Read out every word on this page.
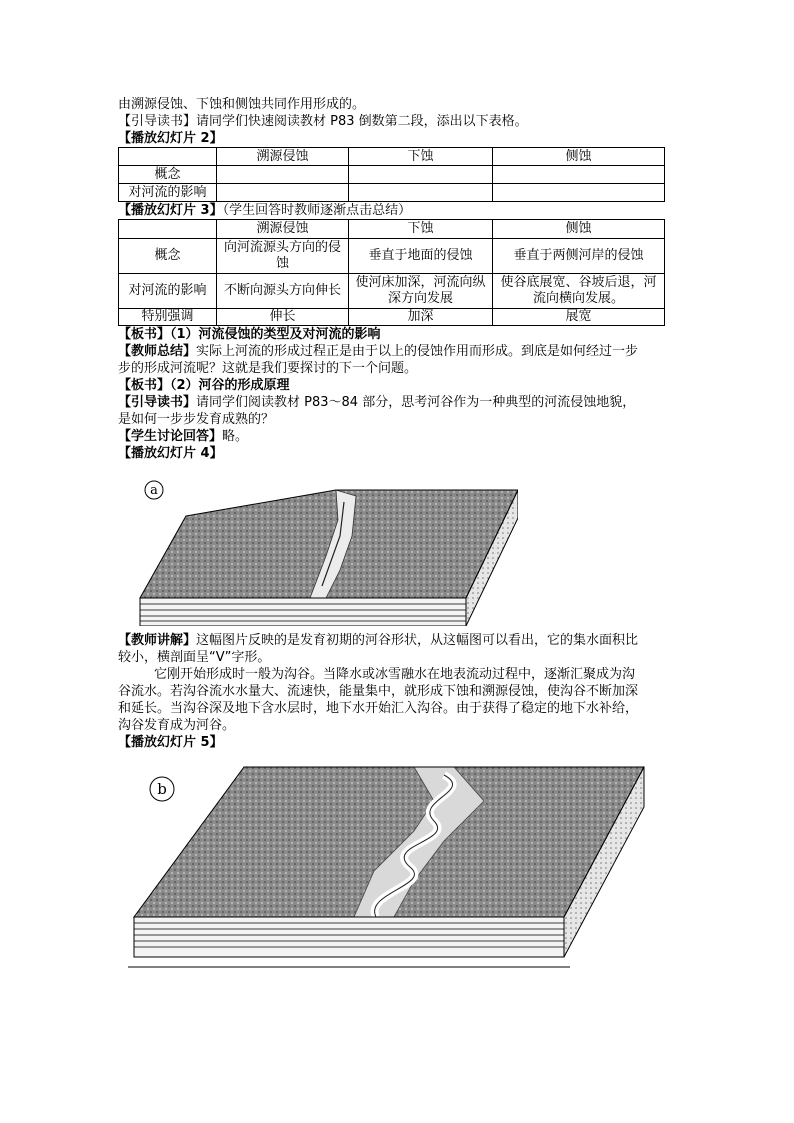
由溯源侵蚀、下蚀和侧蚀共同作用形成的。

【引导读书】请同学们快速阅读教材 P83 倒数第二段，添出以下表格。

【播放幻灯片 2】

	溯源侵蚀	下蚀	侧蚀
概念			
对河流的影响			

【播放幻灯片 3】（学生回答时教师逐渐点击总结）

	溯源侵蚀	下蚀	侧蚀
概念	向河流源头方向的侵蚀	垂直于地面的侵蚀	垂直于两侧河岸的侵蚀
对河流的影响	不断向源头方向伸长	使河床加深，河流向纵深方向发展	使谷底展宽、谷坡后退，河流向横向发展。
特别强调	伸长	加深	展宽

【板书】（1）河流侵蚀的类型及对河流的影响

【教师总结】实际上河流的形成过程正是由于以上的侵蚀作用而形成。到底是如何经过一步

步的形成河流呢？这就是我们要探讨的下一个问题。

【板书】（2）河谷的形成原理

【引导读书】请同学们阅读教材 P83～84 部分，思考河谷作为一种典型的河流侵蚀地貌，

是如何一步步发育成熟的？

【学生讨论回答】略。

【播放幻灯片 4】

a

【教师讲解】这幅图片反映的是发育初期的河谷形状，从这幅图可以看出，它的集水面积比

较小，横剖面呈“V”字形。

它刚开始形成时一般为沟谷。当降水或冰雪融水在地表流动过程中，逐渐汇聚成为沟

谷流水。若沟谷流水水量大、流速快，能量集中，就形成下蚀和溯源侵蚀，使沟谷不断加深

和延长。当沟谷深及地下含水层时，地下水开始汇入沟谷。由于获得了稳定的地下水补给，

沟谷发育成为河谷。

【播放幻灯片 5】

b
